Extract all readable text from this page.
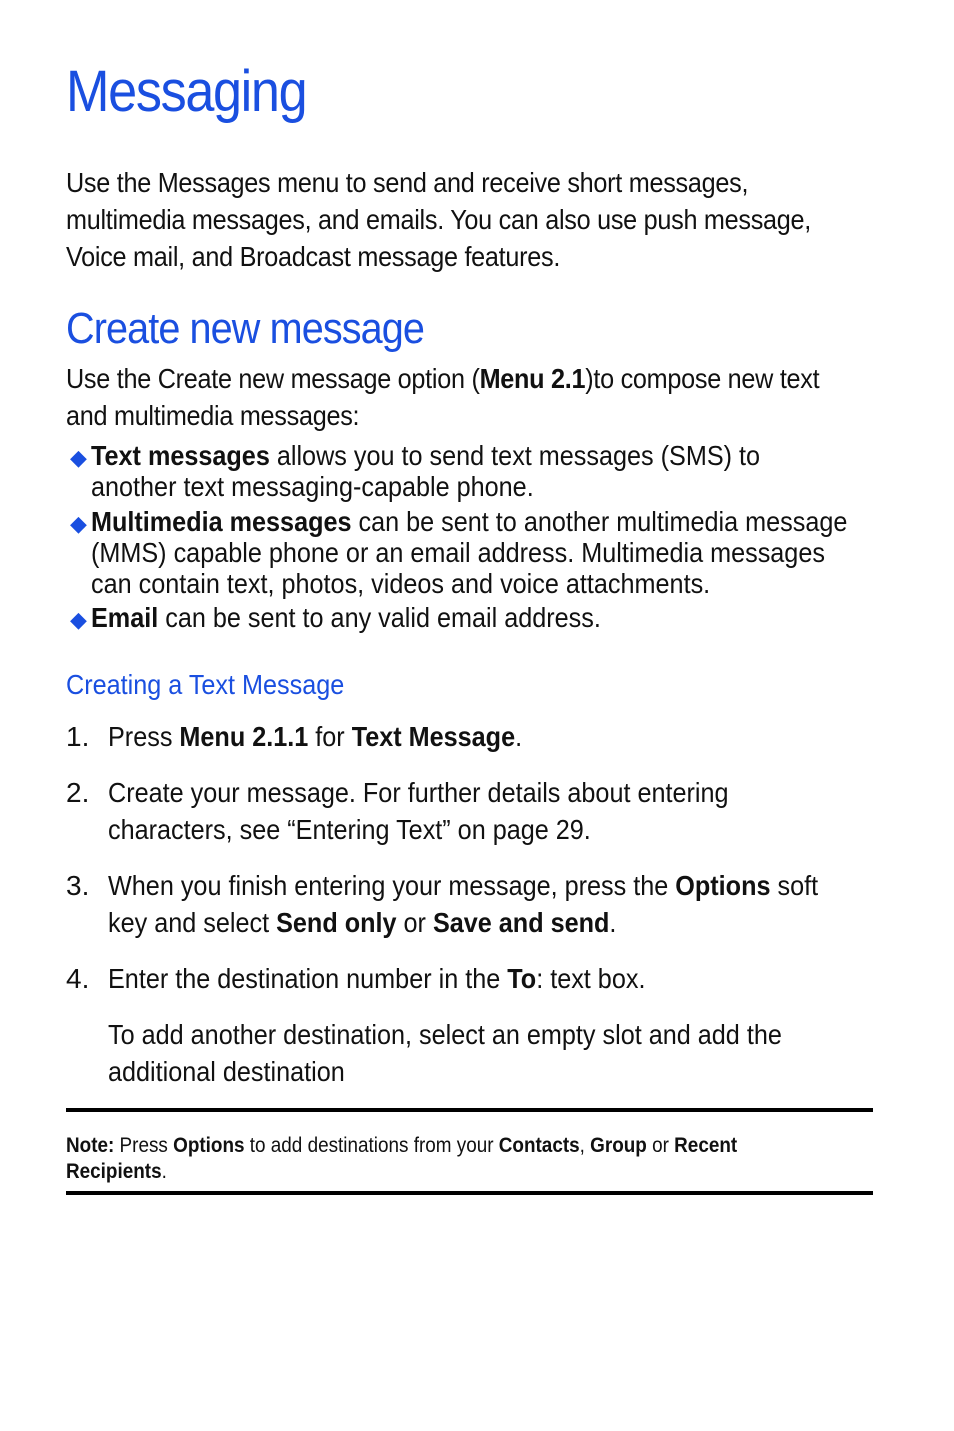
Messaging
Use the Messages menu to send and receive short messages,
multimedia messages, and emails. You can also use push message,
Voice mail, and Broadcast message features.
Create new message
Use the Create new message option (Menu 2.1)to compose new text
and multimedia messages:
◆ Text messages allows you to send text messages (SMS) to
another text messaging-capable phone.
◆ Multimedia messages can be sent to another multimedia message
(MMS) capable phone or an email address. Multimedia messages
can contain text, photos, videos and voice attachments.
◆ Email can be sent to any valid email address.
Creating a Text Message
1. Press Menu 2.1.1 for Text Message.
2. Create your message. For further details about entering
characters, see “Entering Text” on page 29.
3. When you finish entering your message, press the Options soft
key and select Send only or Save and send.
4. Enter the destination number in the To: text box.
To add another destination, select an empty slot and add the
additional destination
Note: Press Options to add destinations from your Contacts, Group or Recent
Recipients.
